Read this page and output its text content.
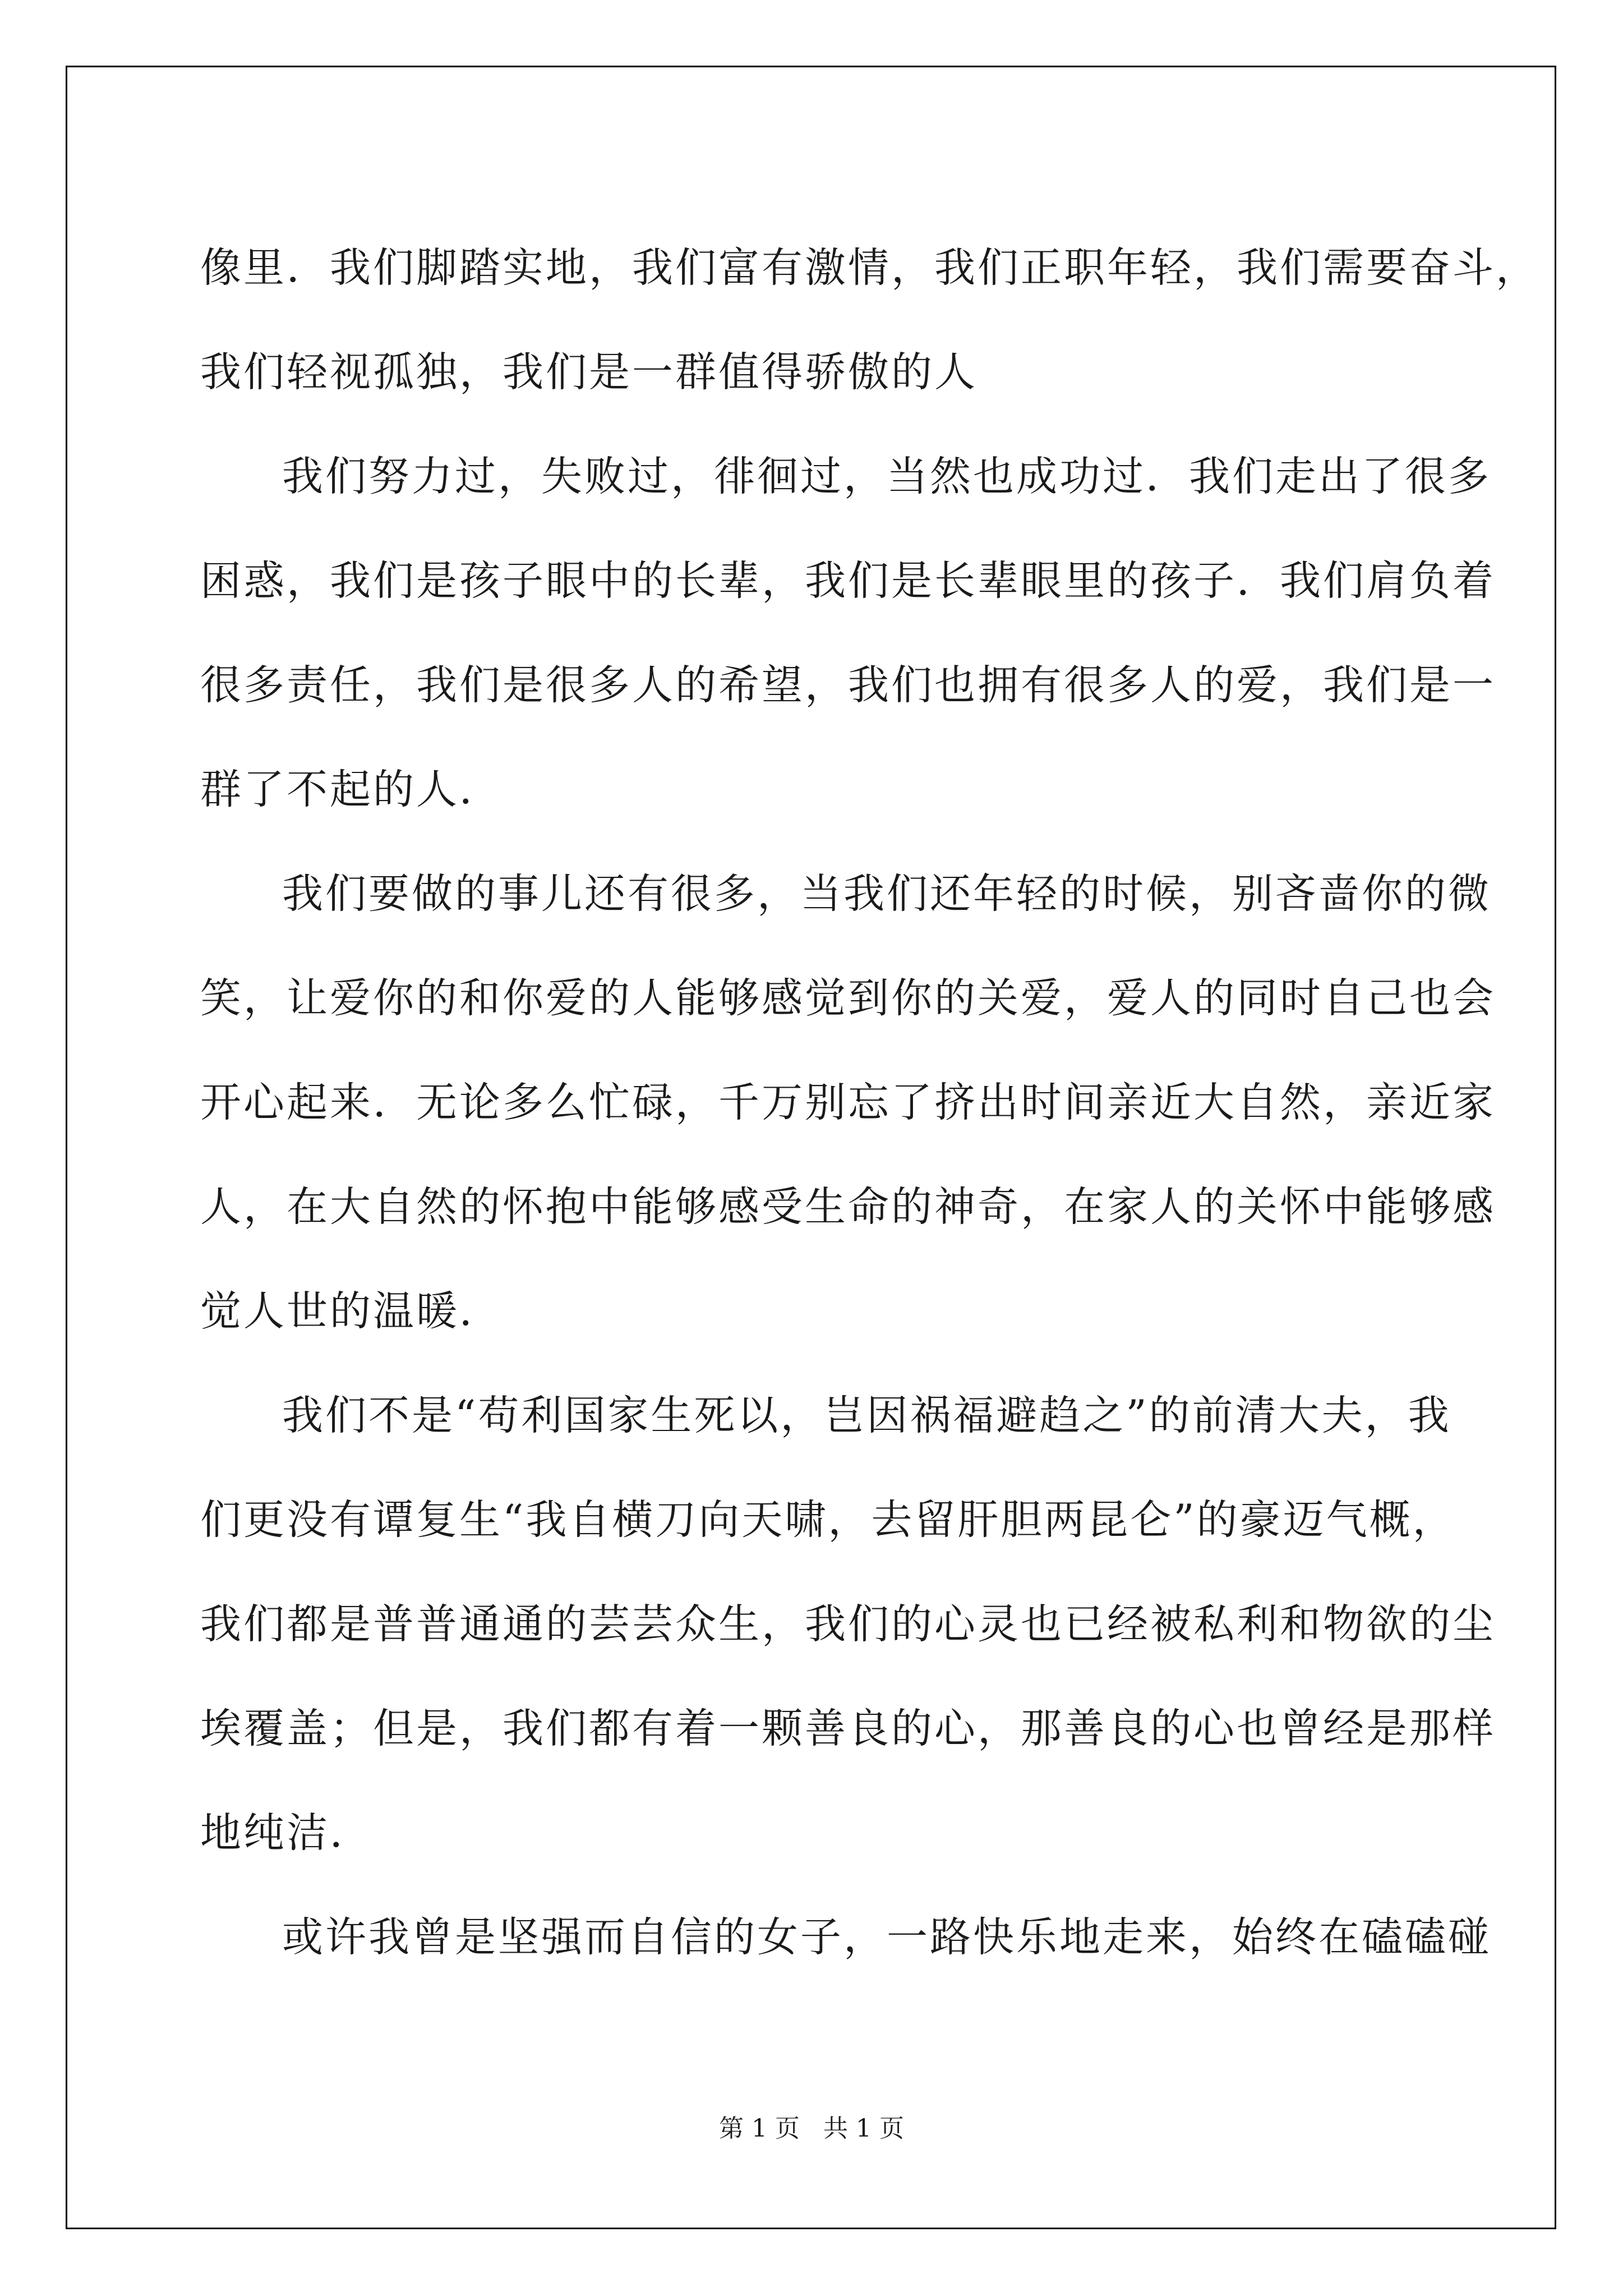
像里．我们脚踏实地，我们富有激情，我们正职年轻，我们需要奋斗，
我们轻视孤独，我们是一群值得骄傲的人

我们努力过，失败过，徘徊过，当然也成功过．我们走出了很多
困惑，我们是孩子眼中的长辈，我们是长辈眼里的孩子．我们肩负着
很多责任，我们是很多人的希望，我们也拥有很多人的爱，我们是一
群了不起的人．

我们要做的事儿还有很多，当我们还年轻的时候，别吝啬你的微
笑，让爱你的和你爱的人能够感觉到你的关爱，爱人的同时自己也会
开心起来．无论多么忙碌，千万别忘了挤出时间亲近大自然，亲近家
人，在大自然的怀抱中能够感受生命的神奇，在家人的关怀中能够感
觉人世的温暖．

我们不是“苟利国家生死以，岂因祸福避趋之”的前清大夫，我
们更没有谭复生“我自横刀向天啸，去留肝胆两昆仑”的豪迈气概，
我们都是普普通通的芸芸众生，我们的心灵也已经被私利和物欲的尘
埃覆盖；但是，我们都有着一颗善良的心，那善良的心也曾经是那样
地纯洁．

或许我曾是坚强而自信的女子，一路快乐地走来，始终在磕磕碰

第 1 页 共 1 页
